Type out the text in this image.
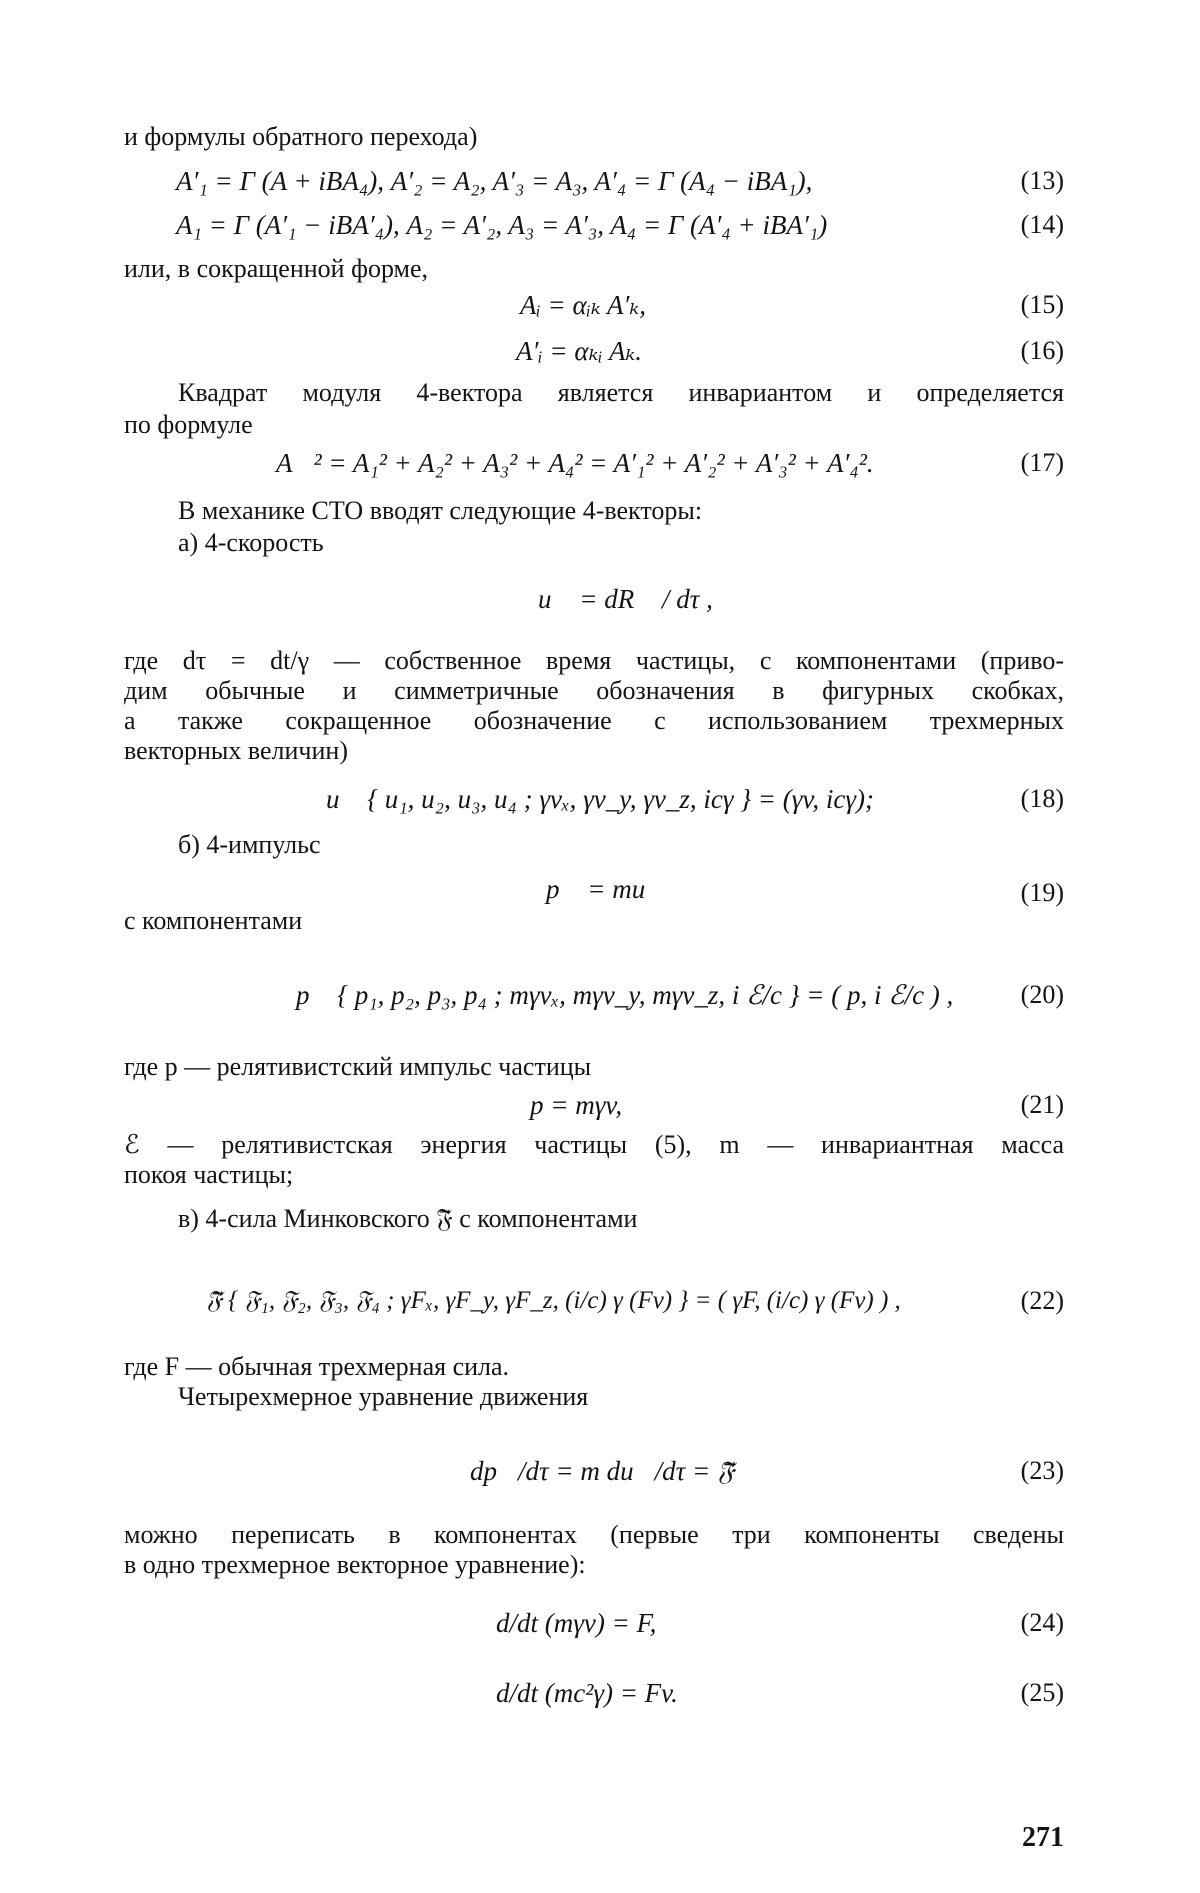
и формулы обратного перехода)
A′₁ = Γ (A + iBA₄), A′₂ = A₂, A′₃ = A₃, A′₄ = Γ (A₄ − iBA₁),	(13)
A₁ = Γ (A′₁ − iBA′₄), A₂ = A′₂, A₃ = A′₃, A₄ = Γ (A′₄ + iBA′₁)	(14)
или, в сокращенной форме,
Aᵢ = αᵢₖ A′ₖ,	(15)
A′ᵢ = αₖᵢ Aₖ.	(16)
Квадрат модуля 4-вектора является инвариантом и определяется
по формуле
A⃗² = A₁² + A₂² + A₃² + A₄² = A′₁² + A′₂² + A′₃² + A′₄².	(17)
В механике СТО вводят следующие 4-векторы:
а) 4-скорость
u⃗ = dR⃗ / dτ ,
где dτ = dt/γ — собственное время частицы, с компонентами (приво-
дим обычные и симметричные обозначения в фигурных скобках,
а также сокращенное обозначение с использованием трехмерных
векторных величин)
u⃗ { u₁, u₂, u₃, u₄ ; γvₓ, γv_y, γv_z, icγ } = (γv, icγ);	(18)
б) 4-импульс
p⃗ = mu⃗	(19)
с компонентами
p⃗ { p₁, p₂, p₃, p₄ ; mγvₓ, mγv_y, mγv_z, i ℰ/c } = ( p, i ℰ/c ) ,	(20)
где p — релятивистский импульс частицы
p = mγv,	(21)
ℰ — релятивистская энергия частицы (5), m — инвариантная масса
покоя частицы;
в) 4-сила Минковского 𝔉⃗ с компонентами
𝔉⃗ { 𝔉₁, 𝔉₂, 𝔉₃, 𝔉₄ ; γFₓ, γF_y, γF_z, (i/c) γ (Fv) } = ( γF, (i/c) γ (Fv) ) ,	(22)
где F — обычная трехмерная сила.
Четырехмерное уравнение движения
dp⃗/dτ = m du⃗/dτ = 𝔉⃗	(23)
можно переписать в компонентах (первые три компоненты сведены
в одно трехмерное векторное уравнение):
d/dt (mγv) = F,	(24)
d/dt (mc²γ) = Fv.	(25)
271
